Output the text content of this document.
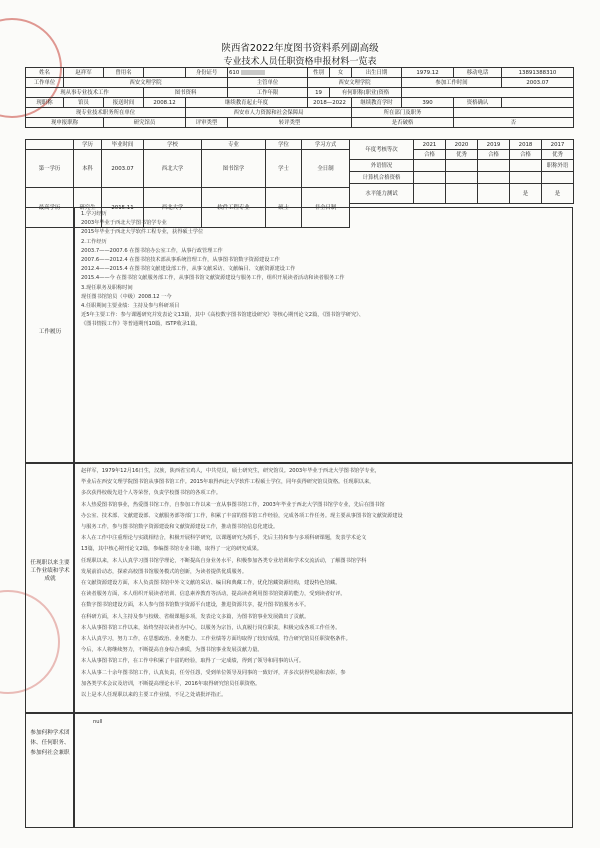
陕西省2022年度图书资料系列副高级
专业技术人员任职资格申报材料一览表
姓名	赵祥军	曾用名		身份证号	610	性别	女	出生日期	1979.12	移动电话	13891388310
工作单位	西安文理学院				主管单位	西安文理学院			参加工作时间		2003.07
现从事专业技术工作			图书资料		工作年限	19	有何职称(职业)资格				
现职称	馆员	报送时间	2008.12	继续教育起止年度		2018—2022		继续教育学时	390	资格确认	
现专业技术职务所在单位				西安市人力资源和社会保障局				所在部门及职务			
现申报职称		研究馆员		评审类型	转评类型			是否破格		否	
	学历	毕业时间	学校	专业	学位	学习方式
第一学历	本科	2003.07	西北大学	图书馆学	学士	全日制
最高学历	研究生	2015.11	西北大学	软件工程专业	硕士	非全日制
年度考核等次	2021	2020	2019	2018	2017
	合格	优秀	合格	合格	优秀
外语情况					职称外语
计算机合格资格					
水平能力测试				是	是
工作履历

1.学习经历

2003年毕业于西北大学图书馆学专业

2015年毕业于西北大学软件工程专业，获得硕士学位

2.工作经历

2003.7——2007.6 在图书馆办公室工作，从事行政管理工作

2007.6——2012.4 在图书馆技术部从事系统管理工作，从事图书馆数字资源建设工作

2012.4——2015.4 在图书馆文献建设部工作，从事文献采访、文献编目、文献资源建设工作

2015.4——今 在图书馆文献服务部工作，从事图书馆文献资源建设与服务工作，组织开展读者活动和读者服务工作

3.现任职务及职称时间

现任图书馆馆员（中级）2008.12 一今

4.任职期间主要业绩：主持及参与科研项目

近5年主要工作：参与课题研究并发表论文13篇，其中《高校数字图书馆建设研究》等核心期刊论文2篇，《图书馆学研究》、

《图书情报工作》等普通期刊10篇，ISTP收录1篇。

任现职以来主要工作业绩和学术成就

赵祥军，1979年12月16日生，汉族，陕西省宝鸡人，中共党员，硕士研究生，研究馆员。2003年毕业于西北大学图书馆学专业，

毕业后在西安文理学院图书馆从事图书馆工作。2015年取得西北大学软件工程硕士学位，同年获得研究馆员资格。任现职以来，

多次获得校级先进个人等荣誉，负责学校图书馆的各项工作。

本人热爱图书馆事业，热爱图书馆工作，自参加工作以来一直从事图书馆工作，2003年毕业于西北大学图书馆学专业，先后在图书馆

办公室、技术部、文献建设部、文献服务部等部门工作，积累了丰富的图书馆工作经验，完成各项工作任务。现主要从事图书馆文献资源建设

与服务工作，参与图书馆数字资源建设和文献资源建设工作，推动图书馆信息化建设。

本人在工作中注重理论与实践相结合，积极开展科学研究，以课题研究为抓手，先后主持和参与多项科研课题，发表学术论文

13篇，其中核心期刊论文2篇，参编图书馆专业书籍，取得了一定的研究成果。

任现职以来，本人认真学习图书馆学理论，不断提高自身业务水平，积极参加各类专业培训和学术交流活动，了解图书馆学科

发展前沿动态，探索高校图书馆服务模式的创新，为读者提供优质服务。

在文献资源建设方面，本人负责图书馆中外文文献的采访、编目和典藏工作，优化馆藏资源结构，建设特色馆藏。

在读者服务方面，本人组织开展读者培训、信息素养教育等活动，提高读者利用图书馆资源的能力，受到读者好评。

在数字图书馆建设方面，本人参与图书馆数字资源平台建设，推进资源共享，提升图书馆服务水平。

在科研方面，本人主持及参与校级、省级课题多项，发表论文多篇，为图书馆事业发展做出了贡献。

本人从事图书馆工作以来，始终坚持以读者为中心，以服务为宗旨，认真履行岗位职责，积极完成各项工作任务。

本人认真学习，努力工作，在思想政治、业务能力、工作业绩等方面均取得了较好成绩，符合研究馆员任职资格条件。

今后，本人将继续努力，不断提高自身综合素质，为图书馆事业发展贡献力量。

本人从事图书馆工作，在工作中积累了丰富的经验，取得了一定成绩，得到了领导和同事的认可。

本人从事二十余年图书馆工作，认真负责，任劳任怨，受到单位领导及同事的一致好评，并多次获得奖励和表彰，参

加各类学术会议及培训，不断提高理论水平，2016年取得研究馆员任职资格。

以上是本人任现职以来的主要工作业绩，不足之处请批评指正。

参加何种学术团体、任何职务、参加何社会兼职
null
